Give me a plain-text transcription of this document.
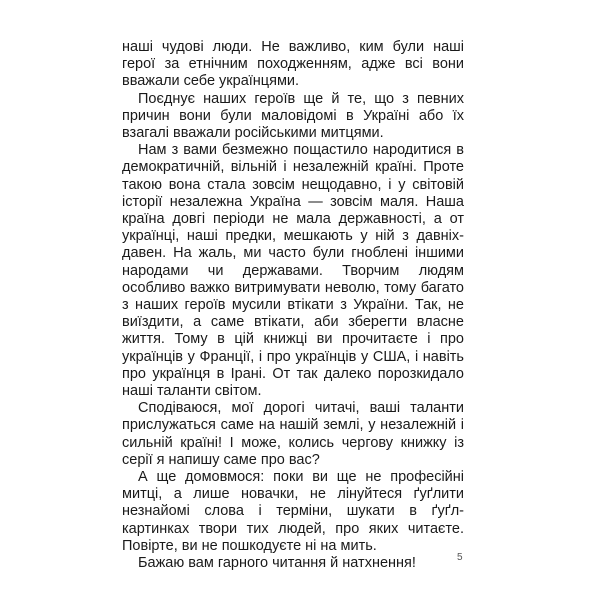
наші чудові люди. Не важливо, ким були наші герої за етнічним походженням, адже всі вони вважали себе українцями.

Поєднує наших героїв ще й те, що з певних причин вони були маловідомі в Україні або їх взагалі вважали російськими митцями.

Нам з вами безмежно пощастило народитися в демократичній, вільній і незалежній країні. Проте такою вона стала зовсім нещодавно, і у світовій історії незалежна Україна — зовсім маля. Наша країна довгі періоди не мала державності, а от українці, наші предки, мешкають у ній з давніх-давен. На жаль, ми часто були гноблені іншими народами чи державами. Творчим людям особливо важко витримувати неволю, тому багато з наших героїв мусили втікати з України. Так, не виїздити, а саме втікати, аби зберегти власне життя. Тому в цій книжці ви прочитаєте і про українців у Франції, і про українців у США, і навіть про українця в Ірані. От так далеко порозкидало наші таланти світом.

Сподіваюся, мої дорогі читачі, ваші таланти прислужаться саме на нашій землі, у незалежній і сильній країні! І може, колись чергову книжку із серії я напишу саме про вас?

А ще домовмося: поки ви ще не професійні митці, а лише новачки, не лінуйтеся ґуґлити незнайомі слова і терміни, шукати в ґуґл-картинках твори тих людей, про яких читаєте. Повірте, ви не пошкодуєте ні на мить.

Бажаю вам гарного читання й натхнення!	5
